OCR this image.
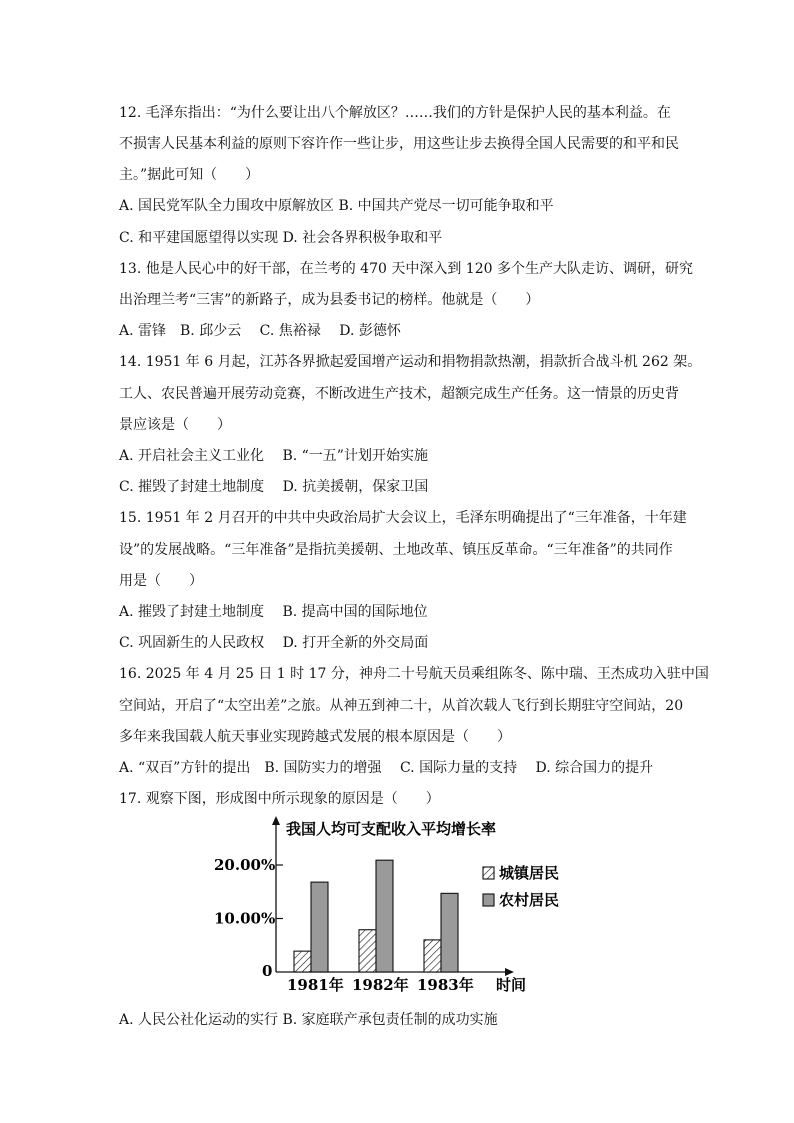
12. 毛泽东指出：“为什么要让出八个解放区？……我们的方针是保护人民的基本利益。在
不损害人民基本利益的原则下容许作一些让步，用这些让步去换得全国人民需要的和平和民
主。”据此可知（　　）
A. 国民党军队全力围攻中原解放区 B. 中国共产党尽一切可能争取和平
C. 和平建国愿望得以实现 D. 社会各界积极争取和平
13. 他是人民心中的好干部，在兰考的 470 天中深入到 120 多个生产大队走访、调研，研究
出治理兰考“三害”的新路子，成为县委书记的榜样。他就是（　　）
A. 雷锋　B. 邱少云　 C. 焦裕禄　 D. 彭德怀
14. 1951 年 6 月起，江苏各界掀起爱国增产运动和捐物捐款热潮，捐款折合战斗机 262 架。
工人、农民普遍开展劳动竞赛，不断改进生产技术，超额完成生产任务。这一情景的历史背
景应该是（　　）
A. 开启社会主义工业化　 B. “一五”计划开始实施
C. 摧毁了封建土地制度　 D. 抗美援朝，保家卫国
15. 1951 年 2 月召开的中共中央政治局扩大会议上，毛泽东明确提出了“三年准备，十年建
设”的发展战略。“三年准备”是指抗美援朝、土地改革、镇压反革命。“三年准备”的共同作
用是（　　）
A. 摧毁了封建土地制度　 B. 提高中国的国际地位
C. 巩固新生的人民政权　 D. 打开全新的外交局面
16. 2025 年 4 月 25 日 1 时 17 分，神舟二十号航天员乘组陈冬、陈中瑞、王杰成功入驻中国
空间站，开启了“太空出差”之旅。从神五到神二十，从首次载人飞行到长期驻守空间站，20
多年来我国载人航天事业实现跨越式发展的根本原因是（　　）
A. “双百”方针的提出　B. 国防实力的增强　 C. 国际力量的支持　 D. 综合国力的提升
17. 观察下图，形成图中所示现象的原因是（　　）
我国人均可支配收入平均增长率
时间
20.00%
10.00%
0
1981年 1982年 1983年
城镇居民
农村居民
A. 人民公社化运动的实行 B. 家庭联产承包责任制的成功实施
